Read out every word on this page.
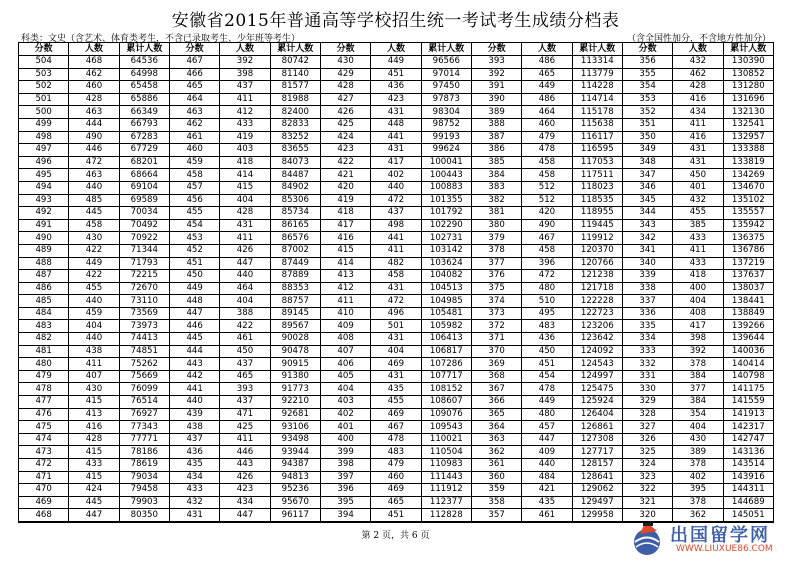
安徽省2015年普通高等学校招生统一考试考生成绩分档表
科类：文史（含艺术、体育类考生，不含已录取考生、少年班等考生）	（含全国性加分，不含地方性加分）
分数	人数	累计人数	分数	人数	累计人数	分数	人数	累计人数	分数	人数	累计人数	分数	人数	累计人数
504	468	64536	467	392	80742	430	449	96566	393	486	113314	356	432	130390
503	462	64998	466	398	81140	429	451	97014	392	465	113779	355	462	130852
502	460	65458	465	437	81577	428	436	97450	391	449	114228	354	428	131280
501	428	65886	464	411	81988	427	423	97873	390	486	114714	353	416	131696
500	463	66349	463	412	82400	426	431	98304	389	464	115178	352	434	132130
499	444	66793	462	433	82833	425	448	98752	388	460	115638	351	411	132541
498	490	67283	461	419	83252	424	441	99193	387	479	116117	350	416	132957
497	446	67729	460	403	83655	423	431	99624	386	478	116595	349	431	133388
496	472	68201	459	418	84073	422	417	100041	385	458	117053	348	431	133819
495	463	68664	458	414	84487	421	402	100443	384	458	117511	347	450	134269
494	440	69104	457	415	84902	420	440	100883	383	512	118023	346	401	134670
493	485	69589	456	404	85306	419	472	101355	382	512	118535	345	432	135102
492	445	70034	455	428	85734	418	437	101792	381	420	118955	344	455	135557
491	458	70492	454	431	86165	417	498	102290	380	490	119445	343	385	135942
490	430	70922	453	411	86576	416	441	102731	379	467	119912	342	433	136375
489	422	71344	452	426	87002	415	411	103142	378	458	120370	341	411	136786
488	449	71793	451	447	87449	414	482	103624	377	396	120766	340	433	137219
487	422	72215	450	440	87889	413	458	104082	376	472	121238	339	418	137637
486	455	72670	449	464	88353	412	431	104513	375	480	121718	338	400	138037
485	440	73110	448	404	88757	411	472	104985	374	510	122228	337	404	138441
484	459	73569	447	388	89145	410	496	105481	373	495	122723	336	408	138849
483	404	73973	446	422	89567	409	501	105982	372	483	123206	335	417	139266
482	440	74413	445	461	90028	408	431	106413	371	436	123642	334	398	139644
481	438	74851	444	450	90478	407	404	106817	370	450	124092	333	392	140036
480	411	75262	443	437	90915	406	469	107286	369	451	124543	332	378	140414
479	407	75669	442	465	91380	405	431	107717	368	454	124997	331	384	140798
478	430	76099	441	393	91773	404	435	108152	367	478	125475	330	377	141175
477	415	76514	440	437	92210	403	455	108607	366	449	125924	329	384	141559
476	413	76927	439	471	92681	402	469	109076	365	480	126404	328	354	141913
475	416	77343	438	425	93106	401	467	109543	364	457	126861	327	404	142317
474	428	77771	437	411	93498	400	478	110021	363	447	127308	326	430	142747
473	415	78186	436	446	93944	399	483	110504	362	409	127717	325	389	143136
472	433	78619	435	443	94387	398	479	110983	361	440	128157	324	378	143514
471	415	79034	434	426	94813	397	460	111443	360	484	128641	323	402	143916
470	424	79458	433	423	95236	396	469	111912	359	421	129062	322	395	144311
469	445	79903	432	434	95670	395	465	112377	358	435	129497	321	378	144689
468	447	80350	431	447	96117	394	451	112828	357	461	129958	320	362	145051
第 2 页，共 6 页	出国留学网
WWW.LIUXUE86.COM
